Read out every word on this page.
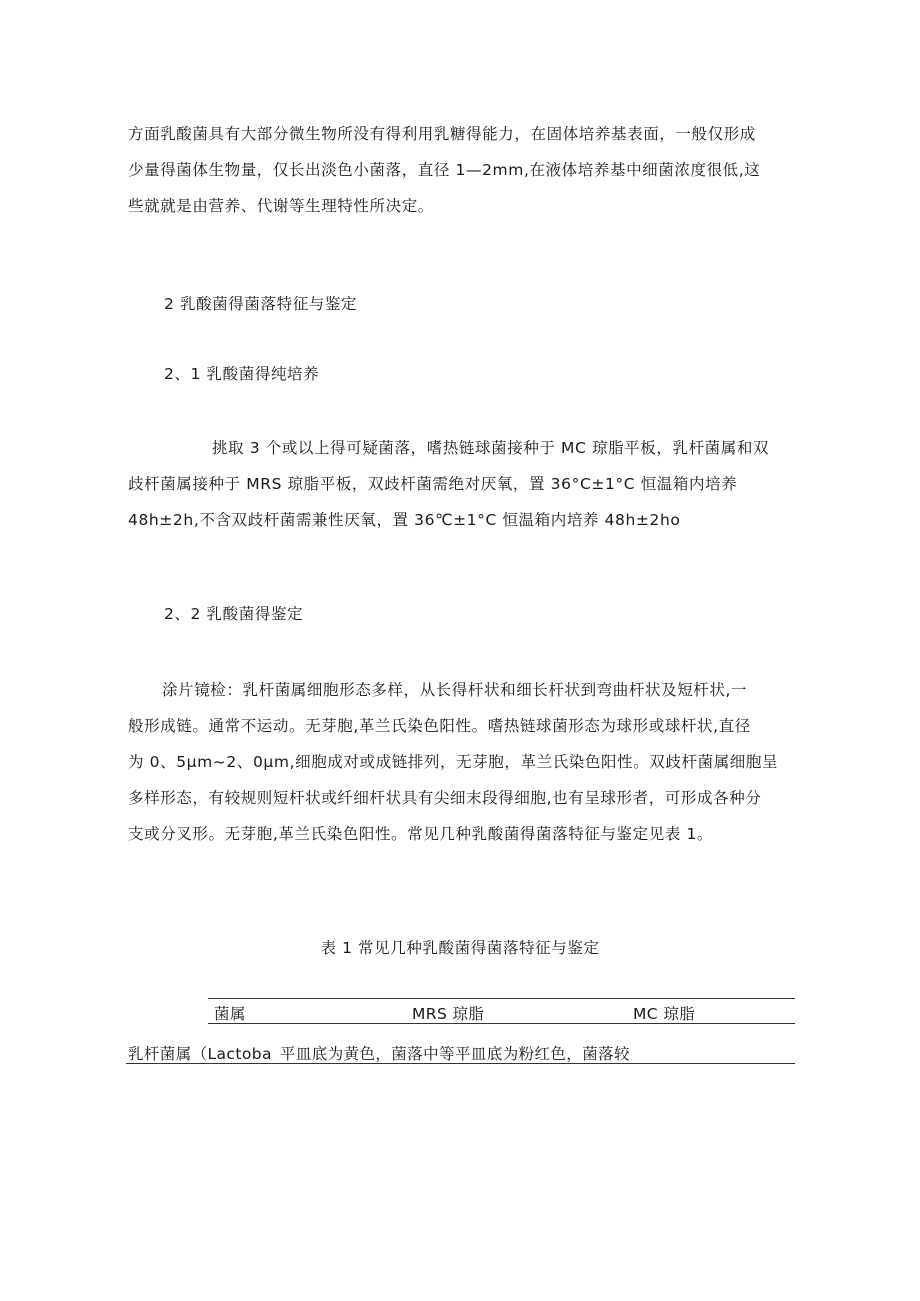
方面乳酸菌具有大部分微生物所没有得利用乳糖得能力，在固体培养基表面，一般仅形成
少量得菌体生物量，仅长出淡色小菌落，直径 1—2mm,在液体培养基中细菌浓度很低,这
些就就是由营养、代谢等生理特性所决定。
2 乳酸菌得菌落特征与鉴定
2、1 乳酸菌得纯培养
挑取 3 个或以上得可疑菌落，嗜热链球菌接种于 MC 琼脂平板，乳杆菌属和双
歧杆菌属接种于 MRS 琼脂平板，双歧杆菌需绝对厌氧，置 36°C±1°C 恒温箱内培养
48h±2h,不含双歧杆菌需兼性厌氧，置 36℃±1°C 恒温箱内培养 48h±2ho
2、2 乳酸菌得鉴定
涂片镜检：乳杆菌属细胞形态多样，从长得杆状和细长杆状到弯曲杆状及短杆状,一
般形成链。通常不运动。无芽胞,革兰氏染色阳性。嗜热链球菌形态为球形或球杆状,直径
为 0、5μm~2、0μm,细胞成对或成链排列，无芽胞，革兰氏染色阳性。双歧杆菌属细胞呈
多样形态，有较规则短杆状或纤细杆状具有尖细末段得细胞,也有呈球形者，可形成各种分
支或分叉形。无芽胞,革兰氏染色阳性。常见几种乳酸菌得菌落特征与鉴定见表 1。
表 1 常见几种乳酸菌得菌落特征与鉴定
菌属	MRS 琼脂	MC 琼脂
乳杆菌属（Lactoba 平皿底为黄色，菌落中等 平皿底为粉红色，菌落较
